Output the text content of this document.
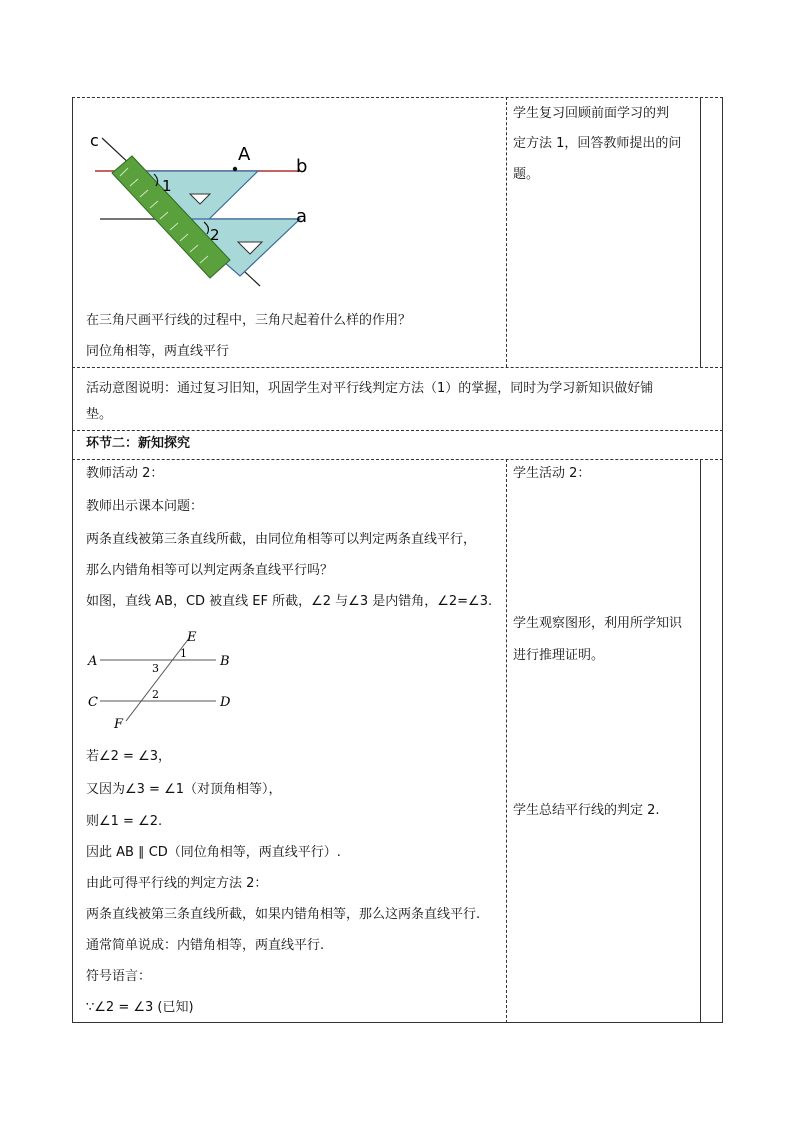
c
A
b
1
a
2
在三角尺画平行线的过程中，三角尺起着什么样的作用？
同位角相等，两直线平行
学生复习回顾前面学习的判
定方法 1，回答教师提出的问
题。
活动意图说明：通过复习旧知，巩固学生对平行线判定方法（1）的掌握，同时为学习新知识做好铺
垫。
环节二：新知探究
教师活动 2：
教师出示课本问题：
两条直线被第三条直线所截，由同位角相等可以判定两条直线平行，
那么内错角相等可以判定两条直线平行吗？
如图，直线 AB，CD 被直线 EF 所截，∠2 与∠3 是内错角，∠2=∠3.
E
A	B
C	D
F
1
3
2
若∠2 = ∠3，
又因为∠3 = ∠1（对顶角相等），
则∠1 = ∠2.
因此 AB ∥ CD（同位角相等，两直线平行）.
由此可得平行线的判定方法 2：
两条直线被第三条直线所截，如果内错角相等，那么这两条直线平行.
通常简单说成：内错角相等，两直线平行.
符号语言：
∵∠2 = ∠3 (已知)
学生活动 2：
学生观察图形，利用所学知识
进行推理证明。
学生总结平行线的判定 2.
